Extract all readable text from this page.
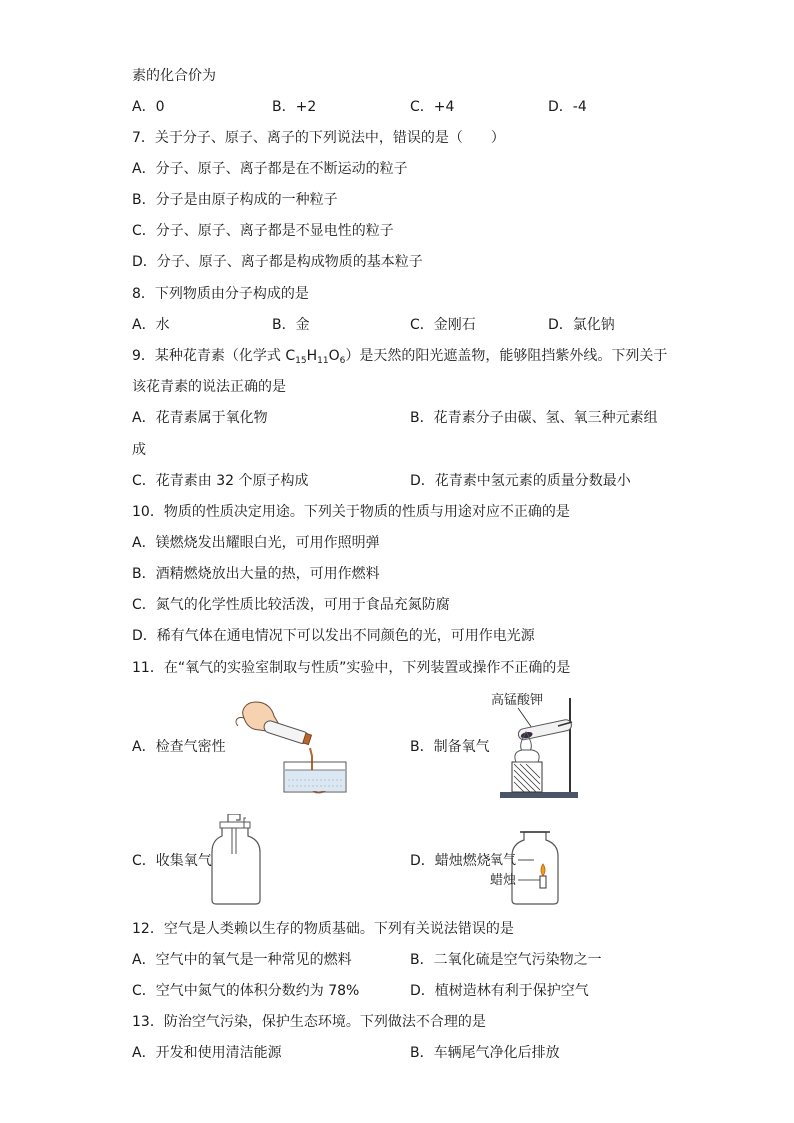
素的化合价为
A．0	B．+2	C．+4	D．-4
7．关于分子、原子、离子的下列说法中，错误的是（　　）
A．分子、原子、离子都是在不断运动的粒子
B．分子是由原子构成的一种粒子
C．分子、原子、离子都是不显电性的粒子
D．分子、原子、离子都是构成物质的基本粒子
8．下列物质由分子构成的是
A．水	B．金	C．金刚石	D．氯化钠
9．某种花青素（化学式 $C_{15}H_{11}O_6$）是天然的阳光遮盖物，能够阻挡紫外线。下列关于
该花青素的说法正确的是
A．花青素属于氧化物	B．花青素分子由碳、氢、氧三种元素组
成
C．花青素由 32 个原子构成	D．花青素中氢元素的质量分数最小
10．物质的性质决定用途。下列关于物质的性质与用途对应不正确的是
A．镁燃烧发出耀眼白光，可用作照明弹
B．酒精燃烧放出大量的热，可用作燃料
C．氮气的化学性质比较活泼，可用于食品充氮防腐
D．稀有气体在通电情况下可以发出不同颜色的光，可用作电光源
11．在“氧气的实验室制取与性质”实验中，下列装置或操作不正确的是
A．检查气密性	B．制备氧气
高锰酸钾
C．收集氧气	D．蜡烛燃烧 氧气
蜡烛
12．空气是人类赖以生存的物质基础。下列有关说法错误的是
A．空气中的氧气是一种常见的燃料	B．二氧化硫是空气污染物之一
C．空气中氮气的体积分数约为 78%	D．植树造林有利于保护空气
13．防治空气污染，保护生态环境。下列做法不合理的是
A．开发和使用清洁能源	B．车辆尾气净化后排放
